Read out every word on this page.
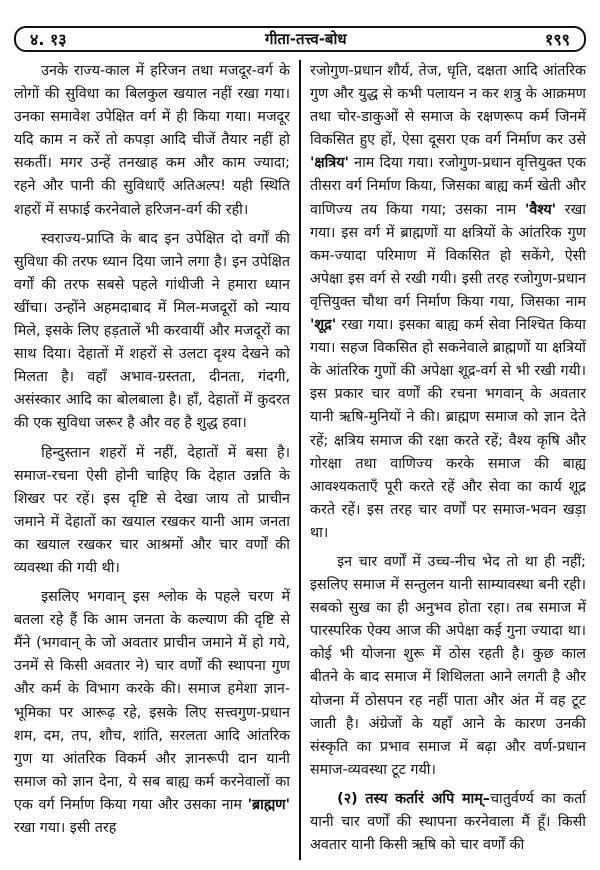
४. १३	गीता-तत्त्व-बोध	१९९

उनके राज्य-काल में हरिजन तथा मजदूर-वर्ग के लोगों की सुविधा का बिलकुल खयाल नहीं रखा गया। उनका समावेश उपेक्षित वर्ग में ही किया गया। मजदूर यदि काम न करें तो कपड़ा आदि चीजें तैयार नहीं हो सकतीं। मगर उन्हें तनखाह कम और काम ज्यादा; रहने और पानी की सुविधाएँ अतिअल्प! यही स्थिति शहरों में सफाई करनेवाले हरिजन-वर्ग की रही।

स्वराज्य-प्राप्ति के बाद इन उपेक्षित दो वर्गों की सुविधा की तरफ ध्यान दिया जाने लगा है। इन उपेक्षित वर्गों की तरफ सबसे पहले गांधीजी ने हमारा ध्यान खींचा। उन्होंने अहमदाबाद में मिल-मजदूरों को न्याय मिले, इसके लिए हड़तालें भी करवायीं और मजदूरों का साथ दिया। देहातों में शहरों से उलटा दृश्य देखने को मिलता है। वहाँ अभाव-ग्रस्तता, दीनता, गंदगी, असंस्कार आदि का बोलबाला है। हाँ, देहातों में कुदरत की एक सुविधा जरूर है और वह है शुद्ध हवा।

हिन्दुस्तान शहरों में नहीं, देहातों में बसा है। समाज-रचना ऐसी होनी चाहिए कि देहात उन्नति के शिखर पर रहें। इस दृष्टि से देखा जाय तो प्राचीन जमाने में देहातों का खयाल रखकर यानी आम जनता का खयाल रखकर चार आश्रमों और चार वर्णों की व्यवस्था की गयी थी।

इसलिए भगवान् इस श्लोक के पहले चरण में बतला रहे हैं कि आम जनता के कल्याण की दृष्टि से मैंने (भगवान् के जो अवतार प्राचीन जमाने में हो गये, उनमें से किसी अवतार ने) चार वर्णों की स्थापना गुण और कर्म के विभाग करके की। समाज हमेशा ज्ञान-भूमिका पर आरूढ़ रहे, इसके लिए सत्त्वगुण-प्रधान शम, दम, तप, शौच, शांति, सरलता आदि आंतरिक गुण या आंतरिक विकर्म और ज्ञानरूपी दान यानी समाज को ज्ञान देना, ये सब बाह्य कर्म करनेवालों का एक वर्ग निर्माण किया गया और उसका नाम 'ब्राह्मण' रखा गया। इसी तरह

रजोगुण-प्रधान शौर्य, तेज, धृति, दक्षता आदि आंतरिक गुण और युद्ध से कभी पलायन न कर शत्रु के आक्रमण तथा चोर-डाकुओं से समाज के रक्षणरूप कर्म जिनमें विकसित हुए हों, ऐसा दूसरा एक वर्ग निर्माण कर उसे 'क्षत्रिय' नाम दिया गया। रजोगुण-प्रधान वृत्तियुक्त एक तीसरा वर्ग निर्माण किया, जिसका बाह्य कर्म खेती और वाणिज्य तय किया गया; उसका नाम 'वैश्य' रखा गया। इस वर्ग में ब्राह्मणों या क्षत्रियों के आंतरिक गुण कम-ज्यादा परिमाण में विकसित हो सकेंगे, ऐसी अपेक्षा इस वर्ग से रखी गयी। इसी तरह रजोगुण-प्रधान वृत्तियुक्त चौथा वर्ग निर्माण किया गया, जिसका नाम 'शूद्र' रखा गया। इसका बाह्य कर्म सेवा निश्चित किया गया। सहज विकसित हो सकनेवाले ब्राह्मणों या क्षत्रियों के आंतरिक गुणों की अपेक्षा शूद्र-वर्ग से भी रखी गयी। इस प्रकार चार वर्णों की रचना भगवान् के अवतार यानी ऋषि-मुनियों ने की। ब्राह्मण समाज को ज्ञान देते रहें; क्षत्रिय समाज की रक्षा करते रहें; वैश्य कृषि और गोरक्षा तथा वाणिज्य करके समाज की बाह्य आवश्यकताएँ पूरी करते रहें और सेवा का कार्य शूद्र करते रहें। इस तरह चार वर्णों पर समाज-भवन खड़ा था।

इन चार वर्णों में उच्च-नीच भेद तो था ही नहीं; इसलिए समाज में सन्तुलन यानी साम्यावस्था बनी रही। सबको सुख का ही अनुभव होता रहा। तब समाज में पारस्परिक ऐक्य आज की अपेक्षा कई गुना ज्यादा था। कोई भी योजना शुरू में ठोस रहती है। कुछ काल बीतने के बाद समाज में शिथिलता आने लगती है और योजना में ठोसपन रह नहीं पाता और अंत में वह टूट जाती है। अंग्रेजों के यहाँ आने के कारण उनकी संस्कृति का प्रभाव समाज में बढ़ा और वर्ण-प्रधान समाज-व्यवस्था टूट गयी।

(२) तस्य कर्तारं अपि माम्–चातुर्वर्ण्य का कर्ता यानी चार वर्णों की स्थापना करनेवाला मैं हूँ। किसी अवतार यानी किसी ऋषि को चार वर्णों की
